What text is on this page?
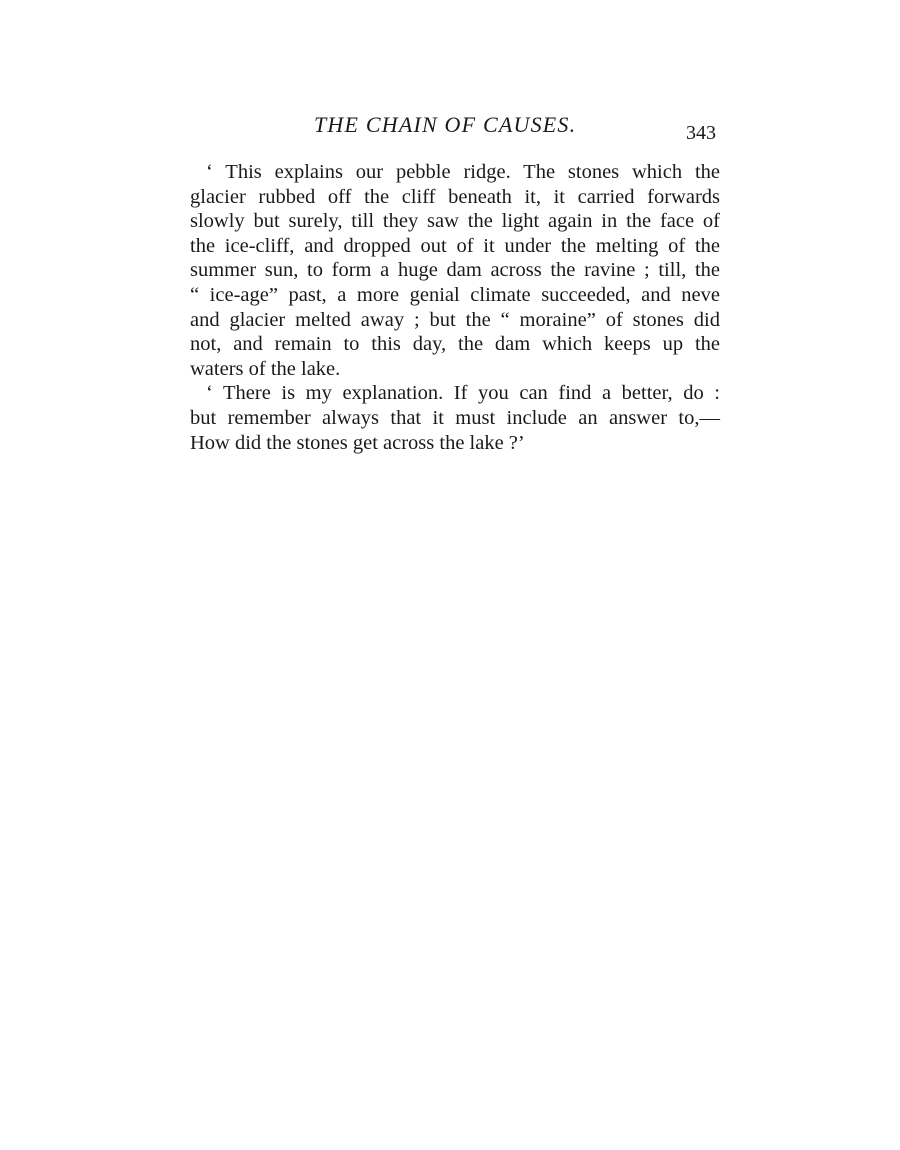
THE CHAIN OF CAUSES.	343

‘ This explains our pebble ridge. The stones which the
glacier rubbed off the cliff beneath it, it carried forwards
slowly but surely, till they saw the light again in the face of
the ice-cliff, and dropped out of it under the melting of the
summer sun, to form a huge dam across the ravine ; till, the
“ ice-age” past, a more genial climate succeeded, and neve
and glacier melted away ; but the “ moraine” of stones did
not, and remain to this day, the dam which keeps up the
waters of the lake.

‘ There is my explanation. If you can find a better, do :
but remember always that it must include an answer to,—
How did the stones get across the lake ?’
